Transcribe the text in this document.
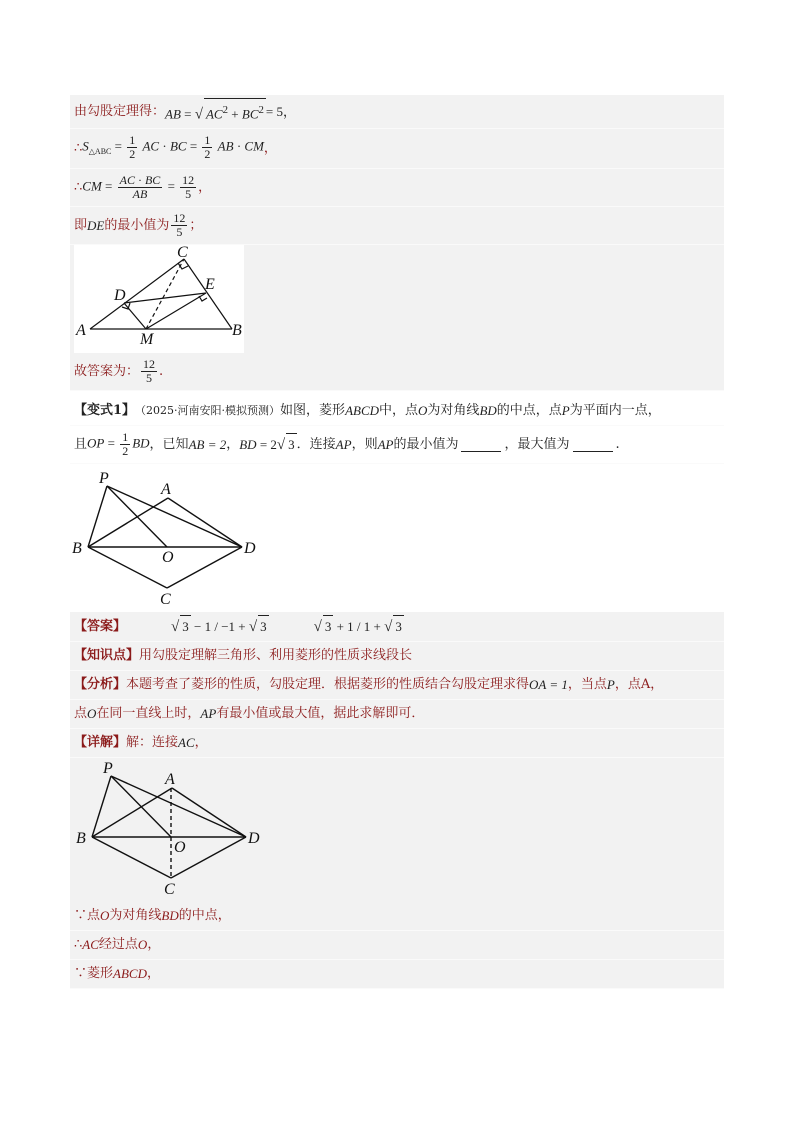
由勾股定理得： AB = √ $AC^2 + BC^2 = 5$，
∴ $S_{\triangle ABC} = \frac{1}{2}$ AC · BC = $\frac{1}{2}$ AB · CM ，
∴ CM = $\frac{AC \cdot BC}{AB} = \frac{12}{5}$ ，
即 DE 的最小值为 $\frac{12}{5}$ ；
C
D
E
A	B
M
故答案为： $\frac{12}{5}$ .
【变式1】 （2025·河南安阳·模拟预测） 如图，菱形 ABCD 中，点 O 为对角线 BD 的中点，点 P 为平面内一点，
且 OP = $\frac{1}{2}$ BD ，已知 AB = 2 ， BD = 2√ 3 ．连接 AP ，则 AP 的最小值为	，最大值为	.
P
A
B
O
D
C
【答案】	√ 3 − 1 / −1 + √ 3	√ 3 + 1 / 1 + √ 3
【知识点】 用勾股定理解三角形、利用菱形的性质求线段长
【分析】 本题考查了菱形的性质，勾股定理．根据菱形的性质结合勾股定理求得 OA = 1 ，当点 P ，点A，
点 O 在同一直线上时， AP 有最小值或最大值，据此求解即可．
【详解】 解：连接 AC ，
P
A
B
O
D
C
∵点 O 为对角线 BD 的中点，
∴ AC 经过点 O ，
∵菱形 ABCD ，
